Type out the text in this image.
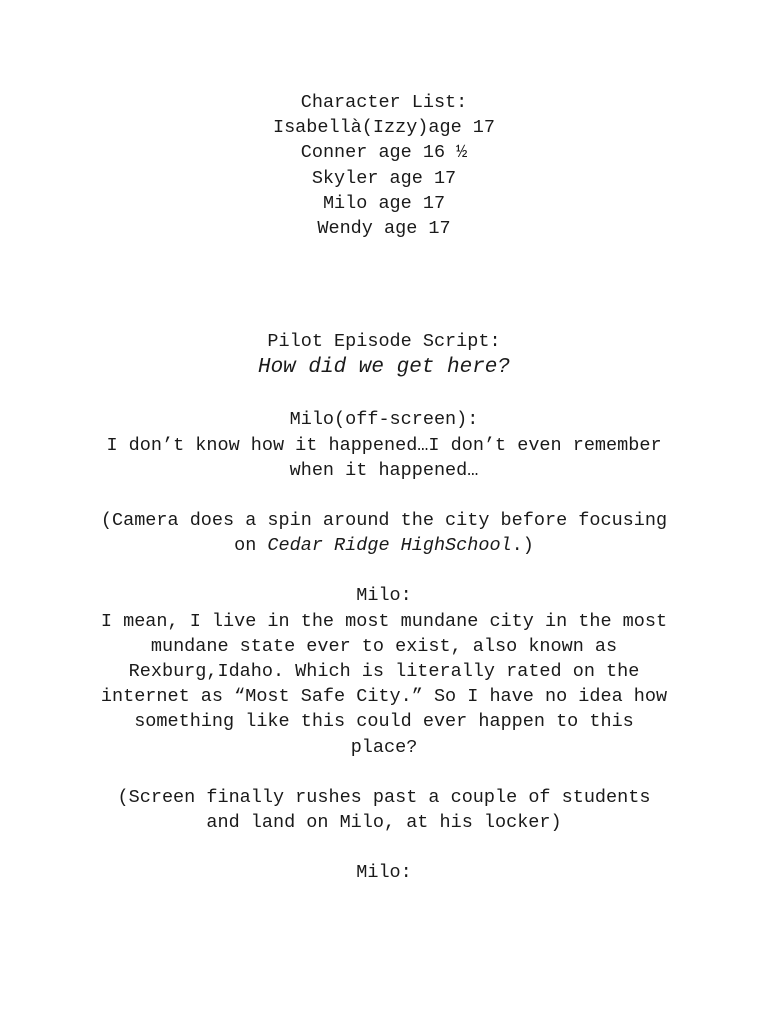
Character List:
Isabellà(Izzy)age 17
Conner age 16 ½
Skyler age 17
Milo age 17
Wendy age 17
Pilot Episode Script:
How did we get here?
Milo(off-screen):
I don’t know how it happened…I don’t even remember
when it happened…
(Camera does a spin around the city before focusing
on Cedar Ridge HighSchool.)
Milo:
I mean, I live in the most mundane city in the most
mundane state ever to exist, also known as
Rexburg,Idaho. Which is literally rated on the
internet as “Most Safe City.” So I have no idea how
something like this could ever happen to this
place?
(Screen finally rushes past a couple of students
and land on Milo, at his locker)
Milo:
